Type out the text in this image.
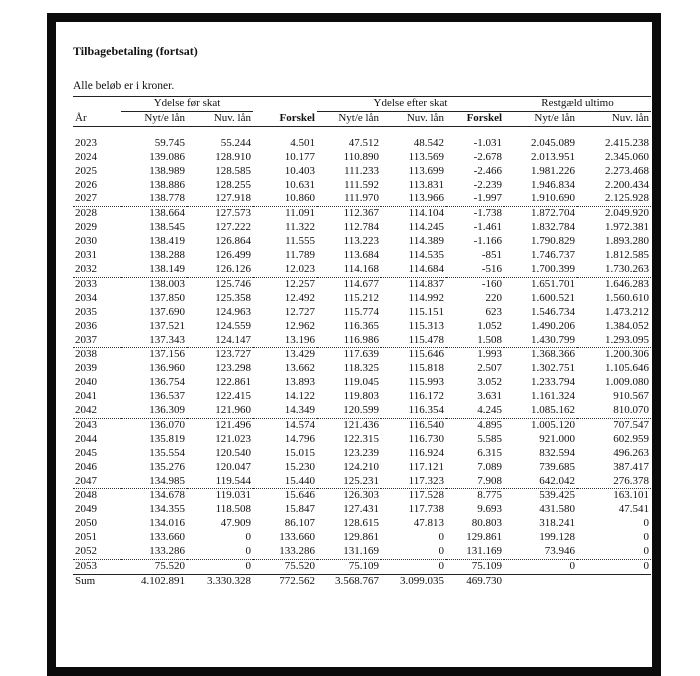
Tilbagebetaling (fortsat)
Alle beløb er i kroner.
	Ydelse før skat			Ydelse efter skat			Restgæld ultimo	
År	Nyt/e lån	Nuv. lån	Forskel	Nyt/e lån	Nuv. lån	Forskel	Nyt/e lån	Nuv. lån

2023	59.745	55.244	4.501	47.512	48.542	-1.031	2.045.089	2.415.238
2024	139.086	128.910	10.177	110.890	113.569	-2.678	2.013.951	2.345.060
2025	138.989	128.585	10.403	111.233	113.699	-2.466	1.981.226	2.273.468
2026	138.886	128.255	10.631	111.592	113.831	-2.239	1.946.834	2.200.434
2027	138.778	127.918	10.860	111.970	113.966	-1.997	1.910.690	2.125.928
2028	138.664	127.573	11.091	112.367	114.104	-1.738	1.872.704	2.049.920
2029	138.545	127.222	11.322	112.784	114.245	-1.461	1.832.784	1.972.381
2030	138.419	126.864	11.555	113.223	114.389	-1.166	1.790.829	1.893.280
2031	138.288	126.499	11.789	113.684	114.535	-851	1.746.737	1.812.585
2032	138.149	126.126	12.023	114.168	114.684	-516	1.700.399	1.730.263
2033	138.003	125.746	12.257	114.677	114.837	-160	1.651.701	1.646.283
2034	137.850	125.358	12.492	115.212	114.992	220	1.600.521	1.560.610
2035	137.690	124.963	12.727	115.774	115.151	623	1.546.734	1.473.212
2036	137.521	124.559	12.962	116.365	115.313	1.052	1.490.206	1.384.052
2037	137.343	124.147	13.196	116.986	115.478	1.508	1.430.799	1.293.095
2038	137.156	123.727	13.429	117.639	115.646	1.993	1.368.366	1.200.306
2039	136.960	123.298	13.662	118.325	115.818	2.507	1.302.751	1.105.646
2040	136.754	122.861	13.893	119.045	115.993	3.052	1.233.794	1.009.080
2041	136.537	122.415	14.122	119.803	116.172	3.631	1.161.324	910.567
2042	136.309	121.960	14.349	120.599	116.354	4.245	1.085.162	810.070
2043	136.070	121.496	14.574	121.436	116.540	4.895	1.005.120	707.547
2044	135.819	121.023	14.796	122.315	116.730	5.585	921.000	602.959
2045	135.554	120.540	15.015	123.239	116.924	6.315	832.594	496.263
2046	135.276	120.047	15.230	124.210	117.121	7.089	739.685	387.417
2047	134.985	119.544	15.440	125.231	117.323	7.908	642.042	276.378
2048	134.678	119.031	15.646	126.303	117.528	8.775	539.425	163.101
2049	134.355	118.508	15.847	127.431	117.738	9.693	431.580	47.541
2050	134.016	47.909	86.107	128.615	47.813	80.803	318.241	0
2051	133.660	0	133.660	129.861	0	129.861	199.128	0
2052	133.286	0	133.286	131.169	0	131.169	73.946	0
2053	75.520	0	75.520	75.109	0	75.109	0	0
Sum	4.102.891	3.330.328	772.562	3.568.767	3.099.035	469.730		
